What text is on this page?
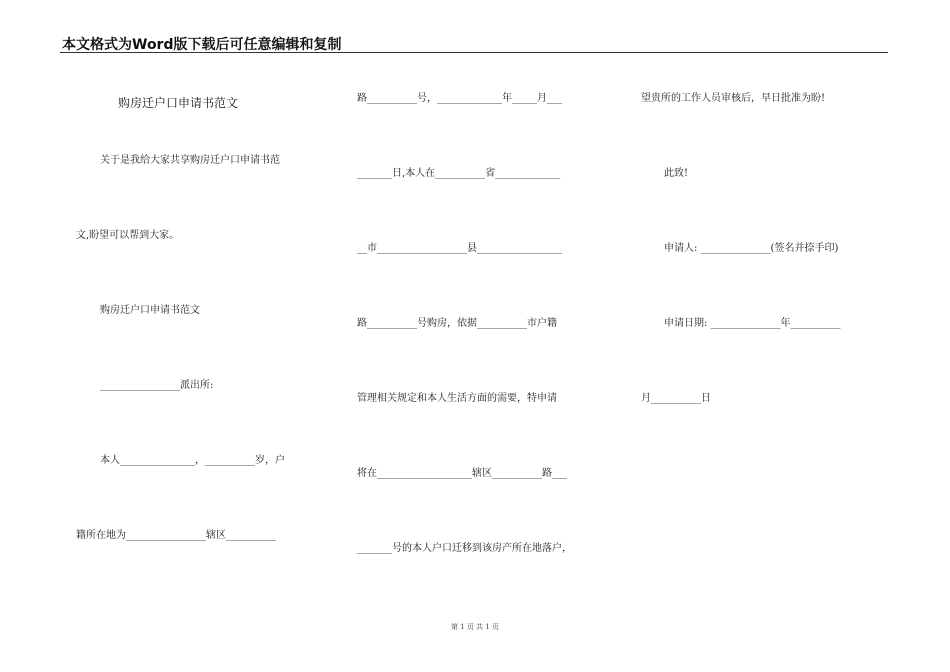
本文格式为Word版下载后可任意编辑和复制
购房迁户口申请书范文
关于是我给大家共享购房迁户口申请书范
文,盼望可以帮到大家。
购房迁户口申请书范文
________________派出所:
本人_______________，__________岁，户
籍所在地为________________辖区__________
路__________号，_____________年_____月___
_______日,本人在__________省_____________
__市__________________县_________________
路__________号购房，依据__________市户籍
管理相关规定和本人生活方面的需要，特申请
将在___________________辖区__________路___
_______号的本人户口迁移到该房产所在地落户，
望贵所的工作人员审核后，早日批准为盼!
此致!
申请人: ______________(签名并捺手印)
申请日期: ______________年__________
月__________日
第 1 页 共 1 页
